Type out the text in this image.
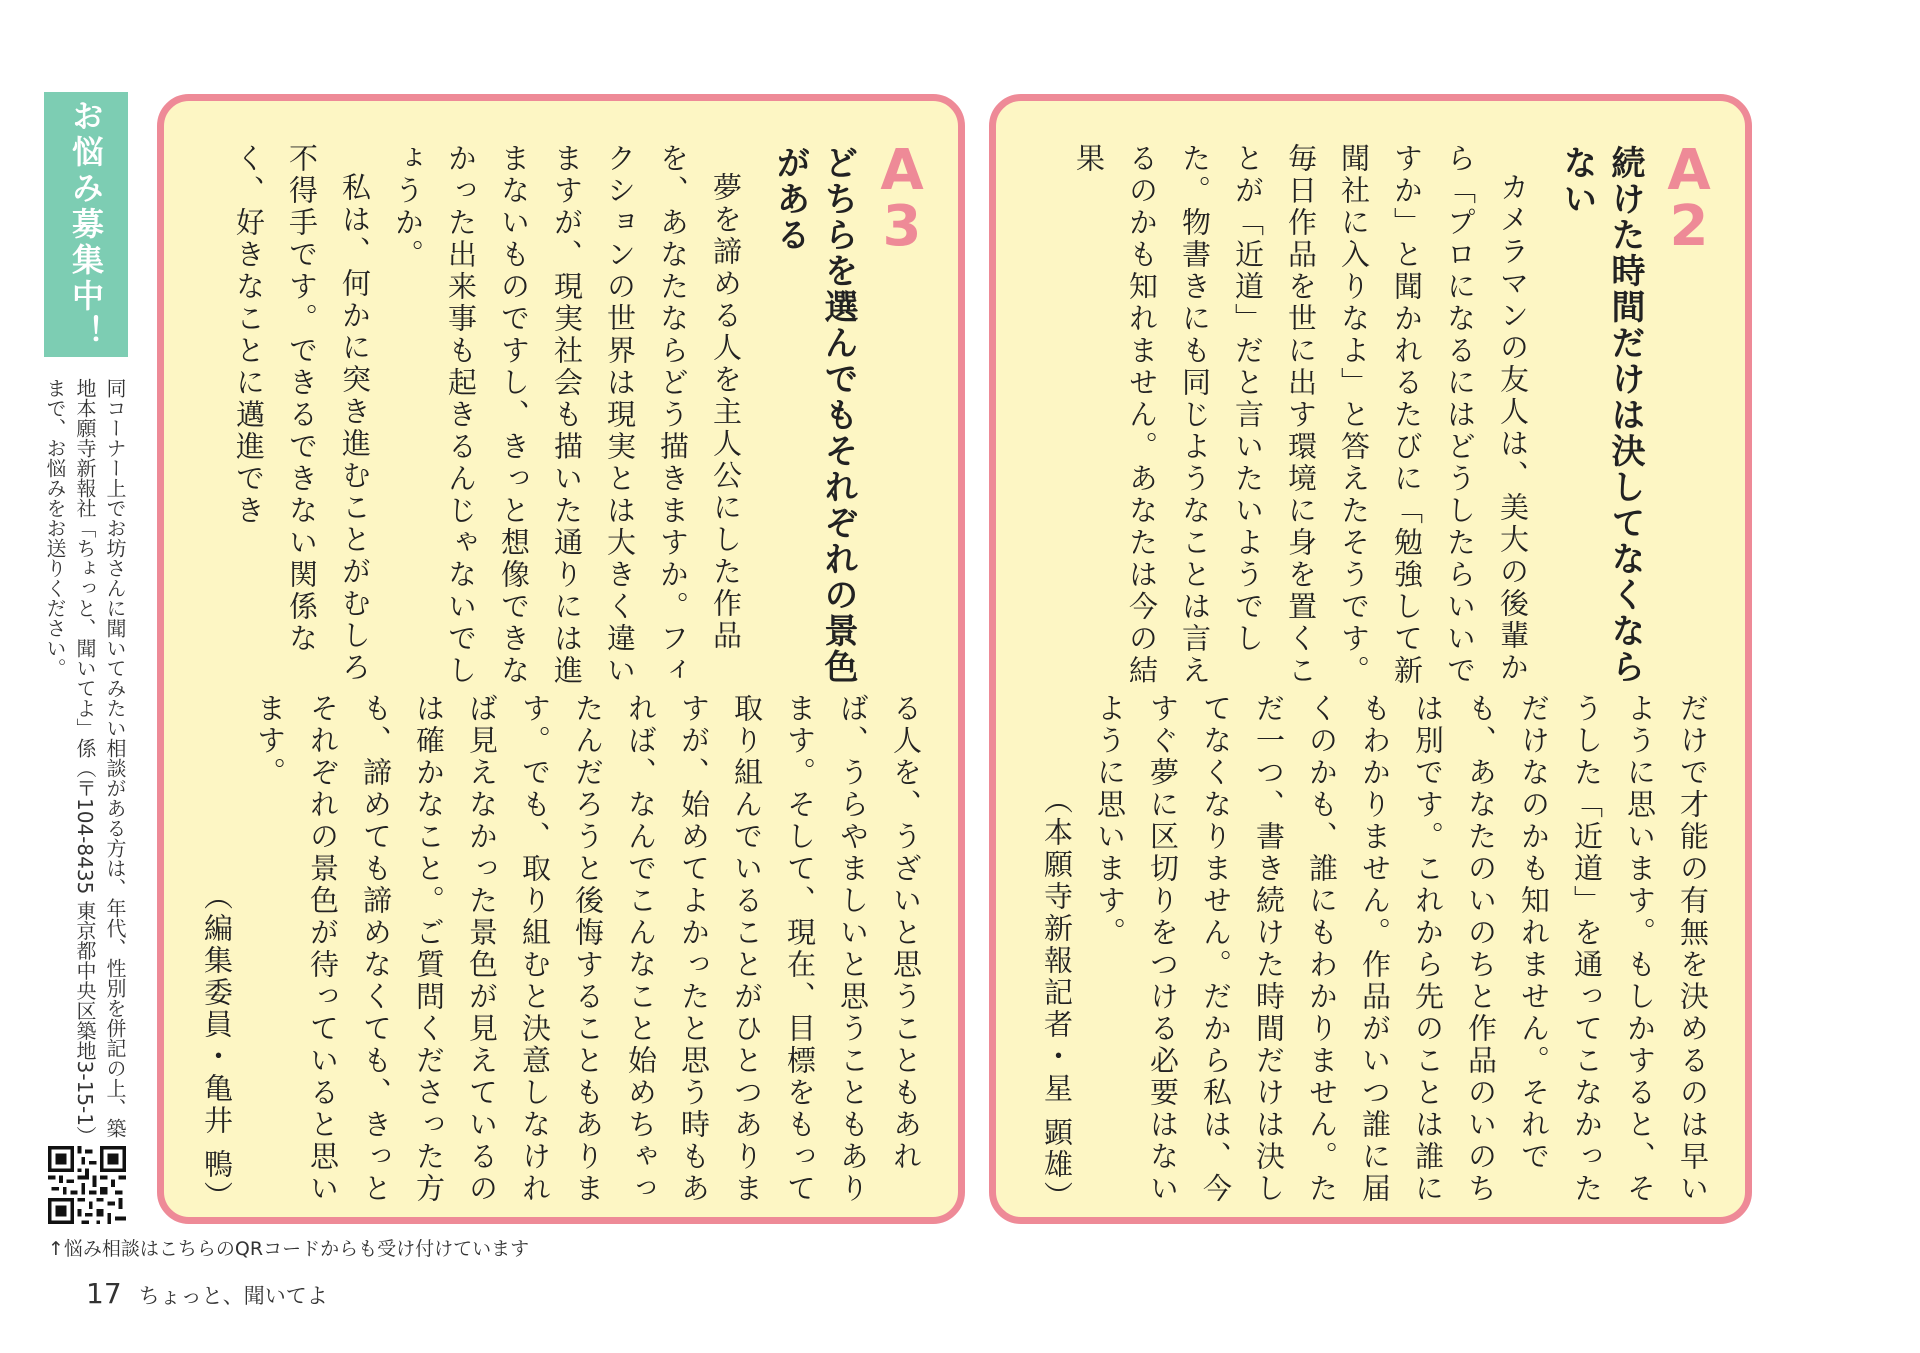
お悩み募集中！
同コーナー上でお坊さんに聞いてみたい相談がある方は、年代、性別を併記の上、築地本願寺新報社「ちょっと、聞いてよ」係（〒104‐8435 東京都中央区築地3-15-1）まで、お悩みをお送りください。
↑悩み相談はこちらのQRコードからも受け付けています
17 ちょっと、聞いてよ
A3
どちらを選んでもそれぞれの景色がある

夢を諦める人を主人公にした作品を、あなたならどう描きますか。フィクションの世界は現実とは大きく違いますが、現実社会も描いた通りには進まないものですし、きっと想像できなかった出来事も起きるんじゃないでしょうか。

私は、何かに突き進むことがむしろ不得手です。できるできない関係なく、好きなことに邁進でき

る人を、うざいと思うこともあれば、うらやましいと思うこともあります。そして、現在、目標をもって取り組んでいることがひとつありますが、始めてよかったと思う時もあれば、なんでこんなこと始めちゃったんだろうと後悔することもあります。でも、取り組むと決意しなければ見えなかった景色が見えているのは確かなこと。ご質問くださった方も、諦めても諦めなくても、きっとそれぞれの景色が待っていると思います。

（編集委員・亀井 鴨）

A2
続けた時間だけは決してなくならない

カメラマンの友人は、美大の後輩から「プロになるにはどうしたらいいですか」と聞かれるたびに「勉強して新聞社に入りなよ」と答えたそうです。毎日作品を世に出す環境に身を置くことが「近道」だと言いたいようでした。物書きにも同じようなことは言えるのかも知れません。あなたは今の結果

だけで才能の有無を決めるのは早いように思います。もしかすると、そうした「近道」を通ってこなかっただけなのかも知れません。それでも、あなたのいのちと作品のいのちは別です。これから先のことは誰にもわかりません。作品がいつ誰に届くのかも、誰にもわかりません。ただ一つ、書き続けた時間だけは決してなくなりません。だから私は、今すぐ夢に区切りをつける必要はないように思います。

（本願寺新報記者・星 顕雄）
